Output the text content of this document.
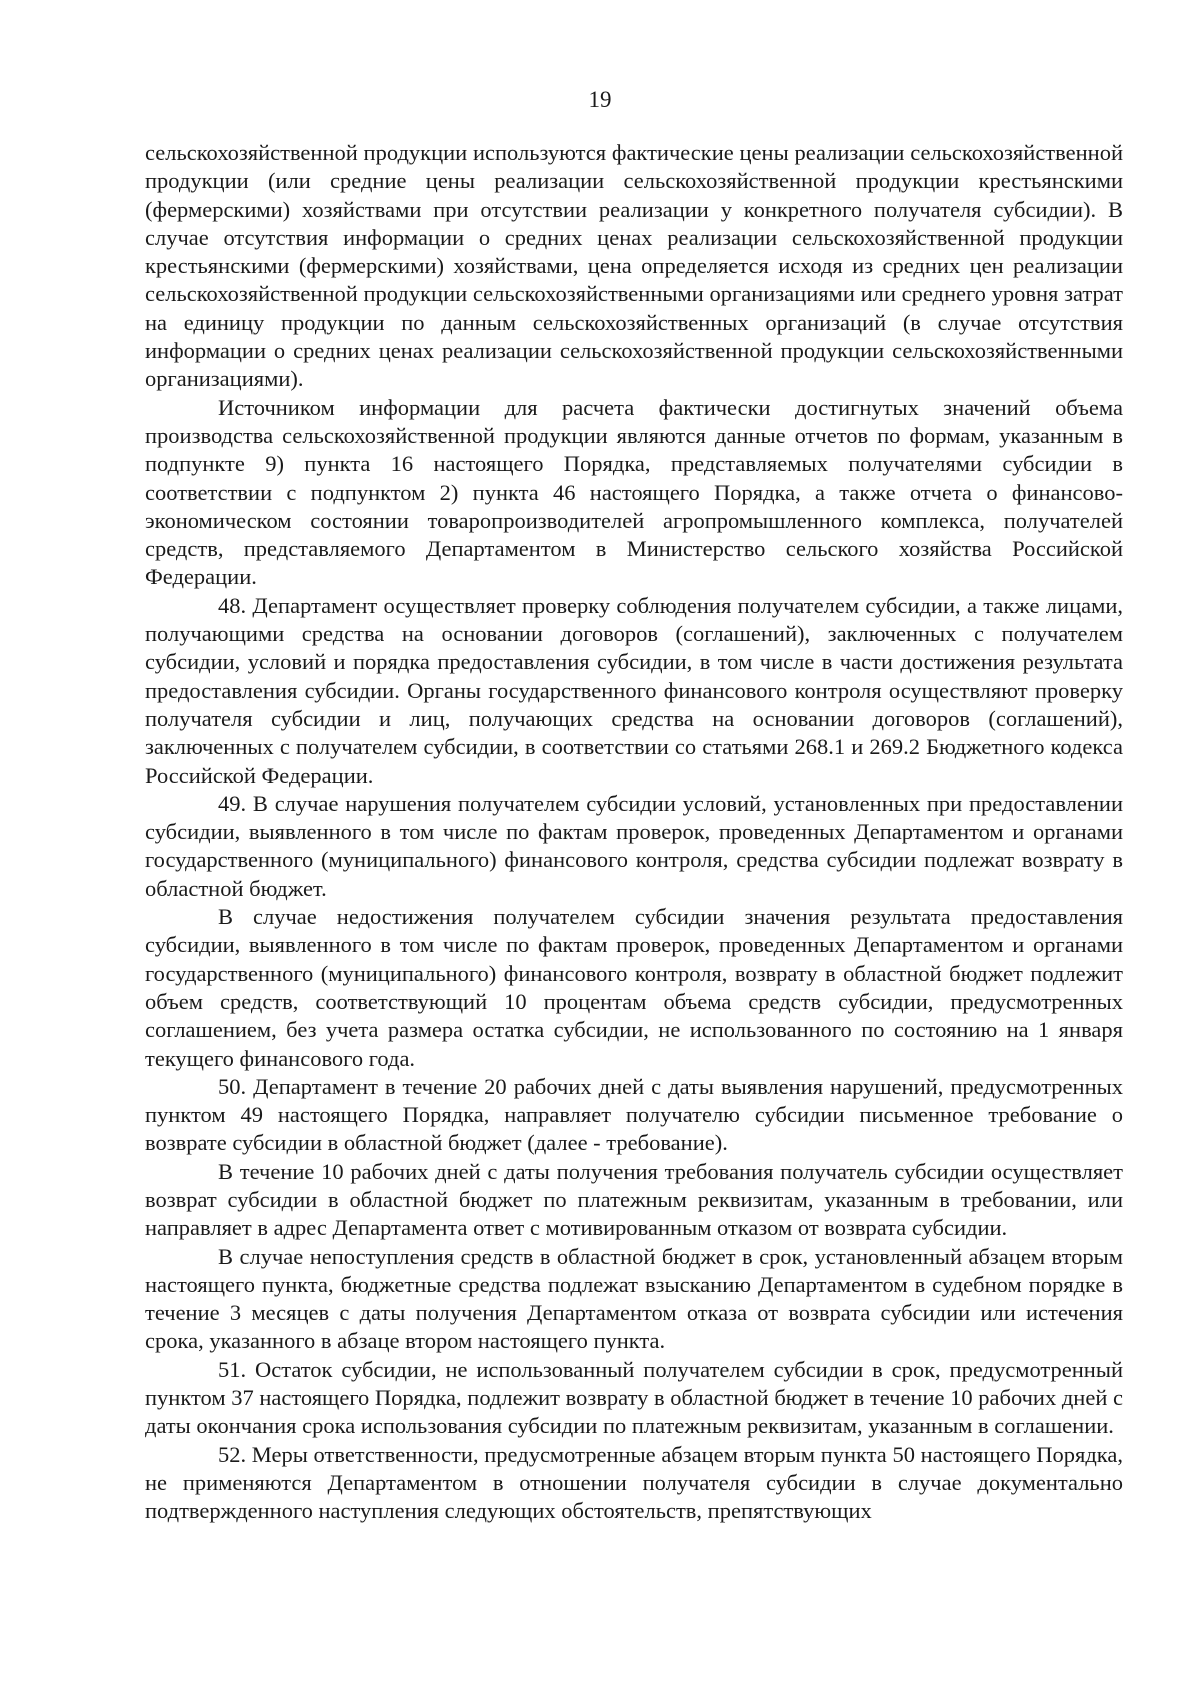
19

сельскохозяйственной продукции используются фактические цены реализации сельскохозяйственной продукции (или средние цены реализации сельскохозяйственной продукции крестьянскими (фермерскими) хозяйствами при отсутствии реализации у конкретного получателя субсидии). В случае отсутствия информации о средних ценах реализации сельскохозяйственной продукции крестьянскими (фермерскими) хозяйствами, цена определяется исходя из средних цен реализации сельскохозяйственной продукции сельскохозяйственными организациями или среднего уровня затрат на единицу продукции по данным сельскохозяйственных организаций (в случае отсутствия информации о средних ценах реализации сельскохозяйственной продукции сельскохозяйственными организациями).

Источником информации для расчета фактически достигнутых значений объема производства сельскохозяйственной продукции являются данные отчетов по формам, указанным в подпункте 9) пункта 16 настоящего Порядка, представляемых получателями субсидии в соответствии с подпунктом 2) пункта 46 настоящего Порядка, а также отчета о финансово-экономическом состоянии товаропроизводителей агропромышленного комплекса, получателей средств, представляемого Департаментом в Министерство сельского хозяйства Российской Федерации.

48. Департамент осуществляет проверку соблюдения получателем субсидии, а также лицами, получающими средства на основании договоров (соглашений), заключенных с получателем субсидии, условий и порядка предоставления субсидии, в том числе в части достижения результата предоставления субсидии. Органы государственного финансового контроля осуществляют проверку получателя субсидии и лиц, получающих средства на основании договоров (соглашений), заключенных с получателем субсидии, в соответствии со статьями 268.1 и 269.2 Бюджетного кодекса Российской Федерации.

49. В случае нарушения получателем субсидии условий, установленных при предоставлении субсидии, выявленного в том числе по фактам проверок, проведенных Департаментом и органами государственного (муниципального) финансового контроля, средства субсидии подлежат возврату в областной бюджет.

В случае недостижения получателем субсидии значения результата предоставления субсидии, выявленного в том числе по фактам проверок, проведенных Департаментом и органами государственного (муниципального) финансового контроля, возврату в областной бюджет подлежит объем средств, соответствующий 10 процентам объема средств субсидии, предусмотренных соглашением, без учета размера остатка субсидии, не использованного по состоянию на 1 января текущего финансового года.

50. Департамент в течение 20 рабочих дней с даты выявления нарушений, предусмотренных пунктом 49 настоящего Порядка, направляет получателю субсидии письменное требование о возврате субсидии в областной бюджет (далее - требование).

В течение 10 рабочих дней с даты получения требования получатель субсидии осуществляет возврат субсидии в областной бюджет по платежным реквизитам, указанным в требовании, или направляет в адрес Департамента ответ с мотивированным отказом от возврата субсидии.

В случае непоступления средств в областной бюджет в срок, установленный абзацем вторым настоящего пункта, бюджетные средства подлежат взысканию Департаментом в судебном порядке в течение 3 месяцев с даты получения Департаментом отказа от возврата субсидии или истечения срока, указанного в абзаце втором настоящего пункта.

51. Остаток субсидии, не использованный получателем субсидии в срок, предусмотренный пунктом 37 настоящего Порядка, подлежит возврату в областной бюджет в течение 10 рабочих дней с даты окончания срока использования субсидии по платежным реквизитам, указанным в соглашении.

52. Меры ответственности, предусмотренные абзацем вторым пункта 50 настоящего Порядка, не применяются Департаментом в отношении получателя субсидии в случае документально подтвержденного наступления следующих обстоятельств, препятствующих
